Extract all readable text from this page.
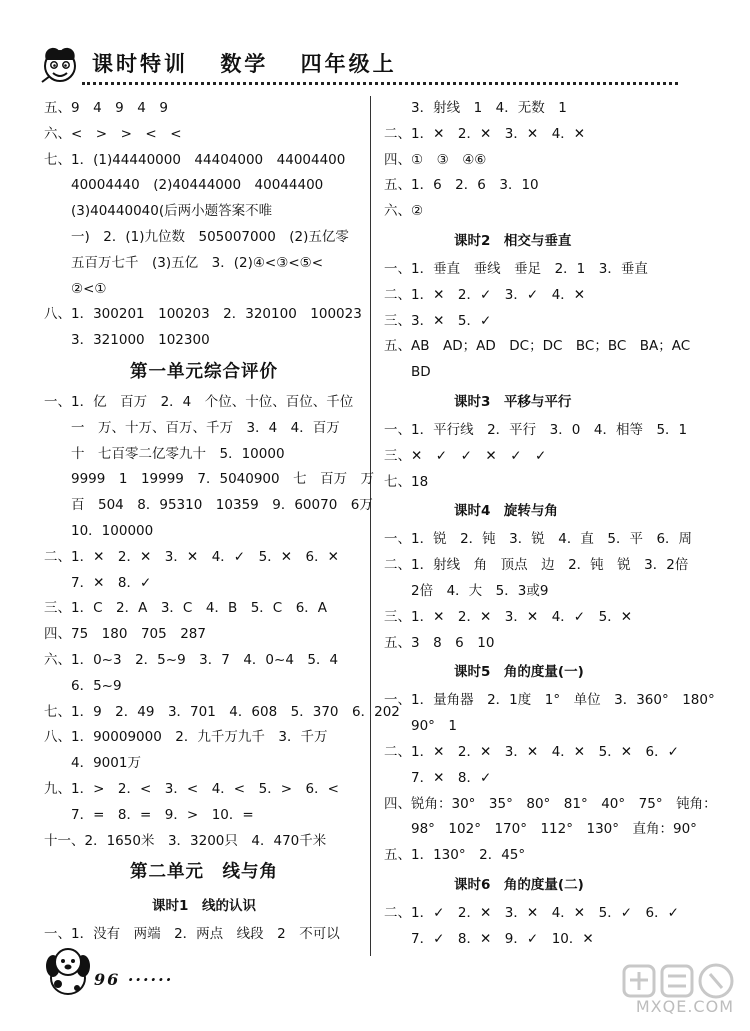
课时特训 数学 四年级上
五、9　4　9　4　9
六、<　>　>　<　<
七、1．(1)44440000　44404000　44004400
　　40004440　(2)40444000　40044400
　　(3)40440040(后两小题答案不唯
　　一)　2．(1)九位数　505007000　(2)五亿零
　　五百万七千　(3)五亿　3．(2)④<③<⑤<
　　②<①
八、1．300201　100203　2．320100　100023
　　3．321000　102300
第一单元综合评价
一、1．亿　百万　2．4　个位、十位、百位、千位
　　一　万、十万、百万、千万　3．4　4．百万
　　十　七百零二亿零九十　5．10000
　　9999　1　19999　7．5040900　七　百万　万
　　百　504　8．95310　10359　9．60070　6万
　　10．100000
二、1．✕　2．✕　3．✕　4．✓　5．✕　6．✕
　　7．✕　8．✓
三、1．C　2．A　3．C　4．B　5．C　6．A
四、75　180　705　287
六、1．0~3　2．5~9　3．7　4．0~4　5．4
　　6．5~9
七、1．9　2．49　3．701　4．608　5．370　6．202
八、1．90009000　2．九千万九千　3．千万
　　4．9001万
九、1．>　2．<　3．<　4．<　5．>　6．<
　　7．=　8．=　9．>　10．=
十一、2．1650米　3．3200只　4．470千米
第二单元　线与角
课时1　线的认识
一、1．没有　两端　2．两点　线段　2　不可以
　　3．射线　1　4．无数　1
二、1．✕　2．✕　3．✕　4．✕
四、①　③　④⑥
五、1．6　2．6　3．10
六、②
课时2　相交与垂直
一、1．垂直　垂线　垂足　2．1　3．垂直
二、1．✕　2．✓　3．✓　4．✕
三、3．✕　5．✓
五、AB　AD；AD　DC；DC　BC；BC　BA；AC
　　BD
课时3　平移与平行
一、1．平行线　2．平行　3．0　4．相等　5．1
三、✕　✓　✓　✕　✓　✓
七、18
课时4　旋转与角
一、1．锐　2．钝　3．锐　4．直　5．平　6．周
二、1．射线　角　顶点　边　2．钝　锐　3．2倍
　　2倍　4．大　5．3或9
三、1．✕　2．✕　3．✕　4．✓　5．✕
五、3　8　6　10
课时5　角的度量(一)
一、1．量角器　2．1度　1°　单位　3．360°　180°
　　90°　1
二、1．✕　2．✕　3．✕　4．✕　5．✕　6．✓
　　7．✕　8．✓
四、锐角：30°　35°　80°　81°　40°　75°　钝角：
　　98°　102°　170°　112°　130°　直角：90°
五、1．130°　2．45°
课时6　角的度量(二)
二、1．✓　2．✕　3．✕　4．✕　5．✓　6．✓
　　7．✓　8．✕　9．✓　10．✕
96 ······
MXQE.COM
